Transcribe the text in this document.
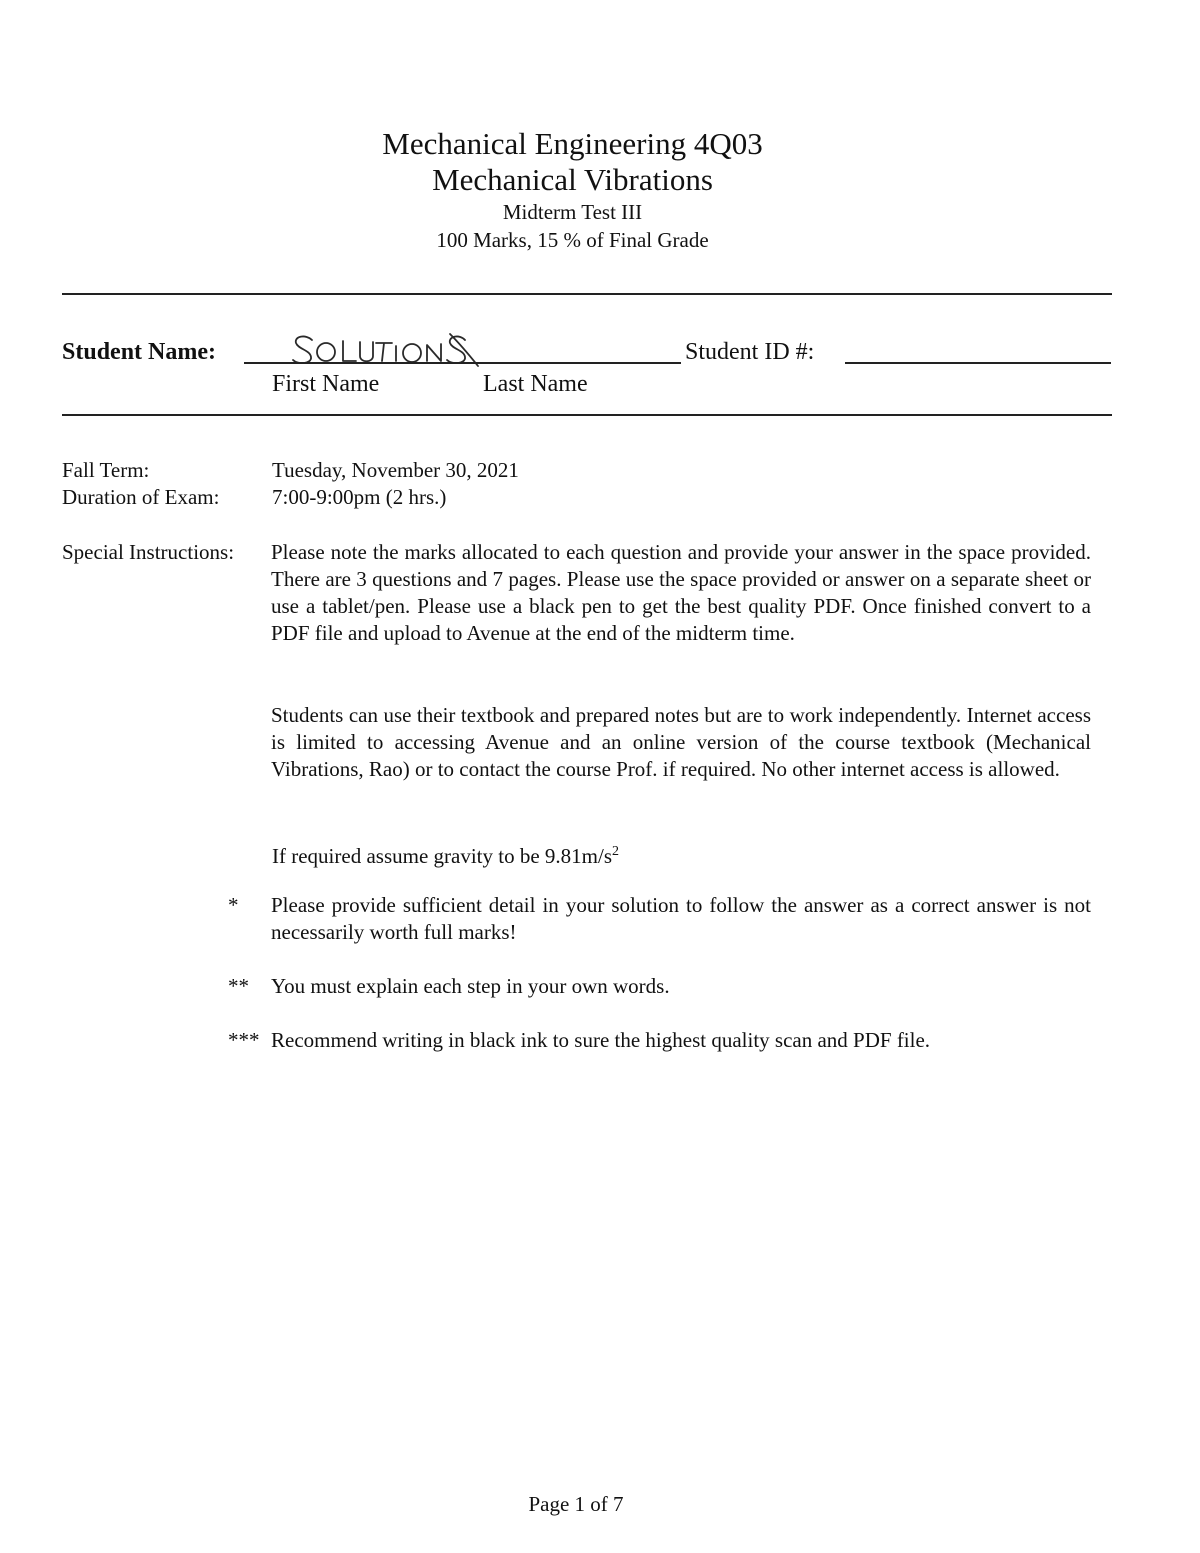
Mechanical Engineering 4Q03
Mechanical Vibrations
Midterm Test III
100 Marks, 15 % of Final Grade
Student Name:	Student ID #:
First Name	Last Name
Fall Term:	Tuesday, November 30, 2021
Duration of Exam:	7:00-9:00pm (2 hrs.)
Special Instructions: Please note the marks allocated to each question and provide your answer in the space provided. There are 3 questions and 7 pages. Please use the space provided or answer on a separate sheet or use a tablet/pen. Please use a black pen to get the best quality PDF. Once finished convert to a PDF file and upload to Avenue at the end of the midterm time.
Students can use their textbook and prepared notes but are to work independently. Internet access is limited to accessing Avenue and an online version of the course textbook (Mechanical Vibrations, Rao) or to contact the course Prof. if required. No other internet access is allowed.
If required assume gravity to be $9.81m/s^2$
* Please provide sufficient detail in your solution to follow the answer as a correct answer is not necessarily worth full marks!
** You must explain each step in your own words.
*** Recommend writing in black ink to sure the highest quality scan and PDF file.
Page 1 of 7
